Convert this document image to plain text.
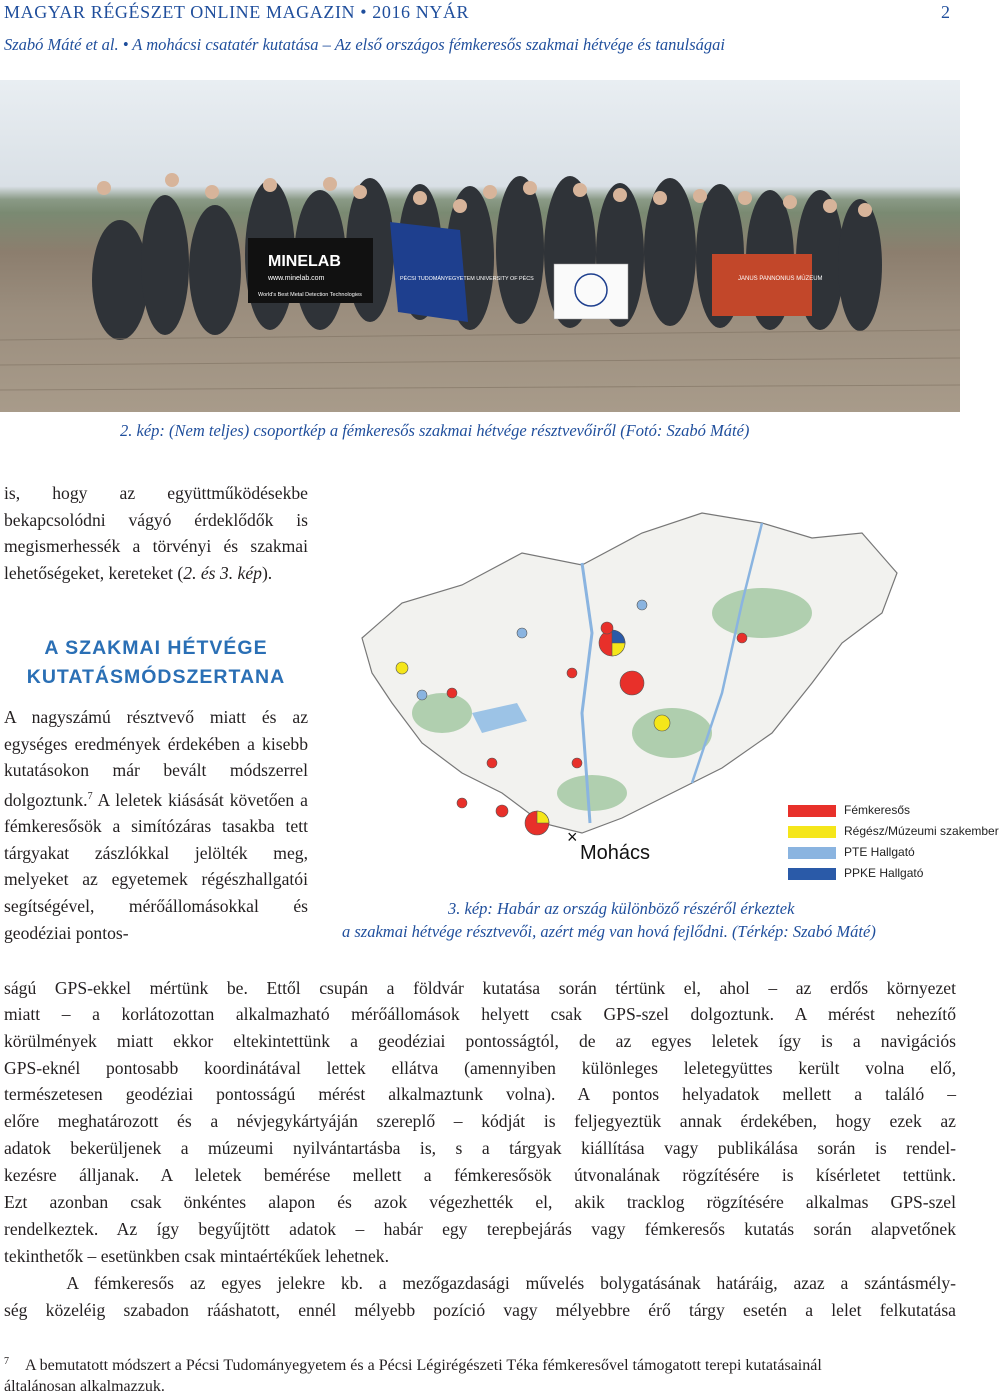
MAGYAR RÉGÉSZET ONLINE MAGAZIN • 2016 NYÁR	2
Szabó Máté et al. • A mohácsi csatatér kutatása – Az első országos fémkeresős szakmai hétvége és tanulságai
MINELAB
www.minelab.com
World's Best Metal Detection Technologies
PÉCSI TUDOMÁNYEGYETEM UNIVERSITY OF PÉCS	JANUS PANNONIUS MÚZEUM
2. kép: (Nem teljes) csoportkép a fémkeresős szakmai hétvége résztvevőiről (Fotó: Szabó Máté)
is, hogy az együttműködésekbe bekapcsolódni vágyó érdeklődők is megismerhessék a törvényi és szakmai lehetőségeket, kereteket (2. és 3. kép).
A SZAKMAI HÉTVÉGE KUTATÁSMÓDSZERTANA
A nagyszámú résztvevő miatt és az egységes eredmények érdekében a kisebb kutatásokon már bevált módszerrel dolgoztunk.$^7$ A leletek kiásását követően a fémkeresősök a simítózáras tasakba tett tárgyakat zászlókkal jelölték meg, melyeket az egyetemek régészhallgatói segítségével, mérőállomásokkal és geodéziai pontos-
×
Mohács
Fémkeresős
Régész/Múzeumi szakember
PTE Hallgató
PPKE Hallgató
3. kép: Habár az ország különböző részéről érkeztek
a szakmai hétvége résztvevői, azért még van hová fejlődni. (Térkép: Szabó Máté)
ságú GPS-ekkel mértünk be. Ettől csupán a földvár kutatása során tértünk el, ahol – az erdős környezet
miatt – a korlátozottan alkalmazható mérőállomások helyett csak GPS-szel dolgoztunk. A mérést nehezítő
körülmények miatt ekkor eltekintettünk a geodéziai pontosságtól, de az egyes leletek így is a navigációs
GPS-eknél pontosabb koordinátával lettek ellátva (amennyiben különleges leletegyüttes került volna elő,
természetesen geodéziai pontosságú mérést alkalmaztunk volna). A pontos helyadatok mellett a találó –
előre meghatározott és a névjegykártyáján szereplő – kódját is feljegyeztük annak érdekében, hogy ezek az
adatok bekerüljenek a múzeumi nyilvántartásba is, s a tárgyak kiállítása vagy publikálása során is rendel-
kezésre álljanak. A leletek bemérése mellett a fémkeresősök útvonalának rögzítésére is kísérletet tettünk.
Ezt azonban csak önkéntes alapon és azok végezhették el, akik tracklog rögzítésére alkalmas GPS-szel
rendelkeztek. Az így begyűjtött adatok – habár egy terepbejárás vagy fémkeresős kutatás során alapvetőnek
tekinthetők – esetünkben csak mintaértékűek lehetnek.
A fémkeresős az egyes jelekre kb. a mezőgazdasági művelés bolygatásának határáig, azaz a szántásmély-
ség közeléig szabadon rááshatott, ennél mélyebb pozíció vagy mélyebbre érő tárgy esetén a lelet felkutatása
$^7$ A bemutatott módszert a Pécsi Tudományegyetem és a Pécsi Légirégészeti Téka fémkeresővel támogatott terepi kutatásainál
általánosan alkalmazzuk.
